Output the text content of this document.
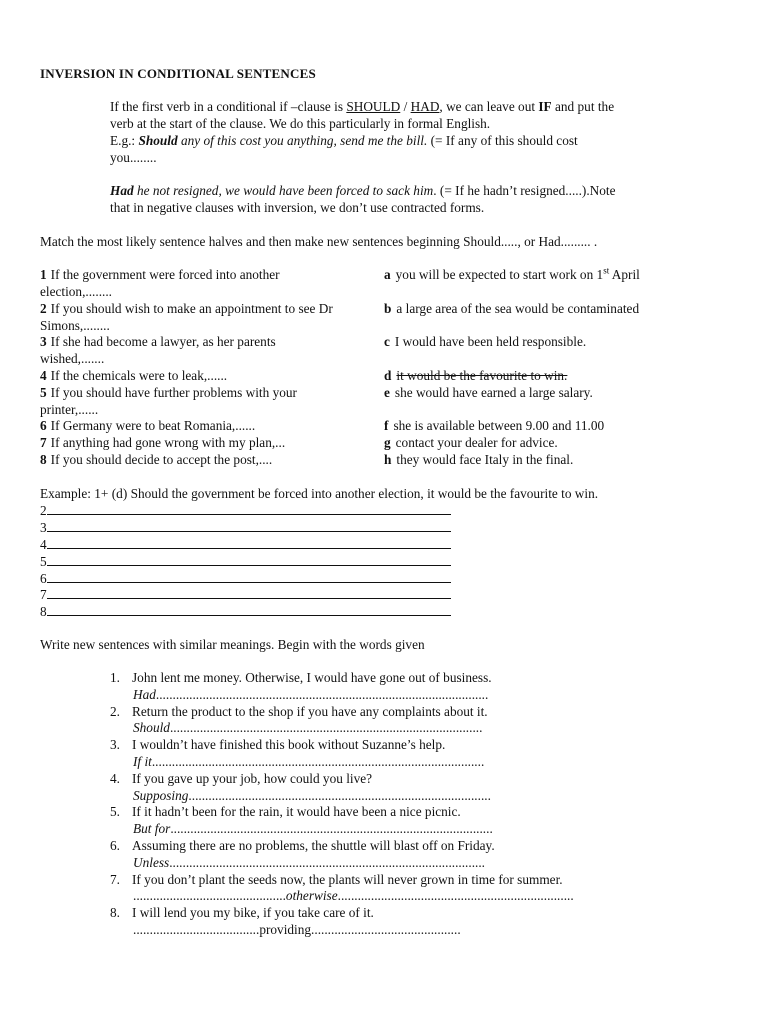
INVERSION IN CONDITIONAL SENTENCES
If the first verb in a conditional if –clause is SHOULD / HAD, we can leave out IF and put the
verb at the start of the clause. We do this particularly in formal English.
E.g.: Should any of this cost you anything, send me the bill. (= If any of this should cost
you........
Had he not resigned, we would have been forced to sack him. (= If he hadn’t resigned.....).Note
that in negative clauses with inversion, we don’t use contracted forms.
Match the most likely sentence halves and then make new sentences beginning Should....., or Had......... .
1 If the government were forced into another election,........
2 If you should wish to make an appointment to see Dr Simons,........
3 If she had become a lawyer, as her parents wished,.......
4 If the chemicals were to leak,......
5 If you should have further problems with your printer,......
6 If Germany were to beat Romania,......
7 If anything had gone wrong with my plan,...
8 If you should decide to accept the post,....
a you will be expected to start work on 1st April
b a large area of the sea would be contaminated
c I would have been held responsible.
d it would be the favourite to win.
e she would have earned a large salary.
f she is available between 9.00 and 11.00
g contact your dealer for advice.
h they would face Italy in the final.
Example: 1+ (d) Should the government be forced into another election, it would be the favourite to win.
2
3
4
5
6
7
8
Write new sentences with similar meanings. Begin with the words given
1. John lent me money. Otherwise, I would have gone out of business.
Had....................................................................................................
2. Return the product to the shop if you have any complaints about it.
Should..............................................................................................
3. I wouldn’t have finished this book without Suzanne’s help.
If it....................................................................................................
4. If you gave up your job, how could you live?
Supposing...........................................................................................
5. If it hadn’t been for the rain, it would have been a nice picnic.
But for.................................................................................................
6. Assuming there are no problems, the shuttle will blast off on Friday.
Unless...............................................................................................
7. If you don’t plant the seeds now, the plants will never grown in time for summer.
..............................................otherwise.......................................................................
8. I will lend you my bike, if you take care of it.
......................................providing.............................................
